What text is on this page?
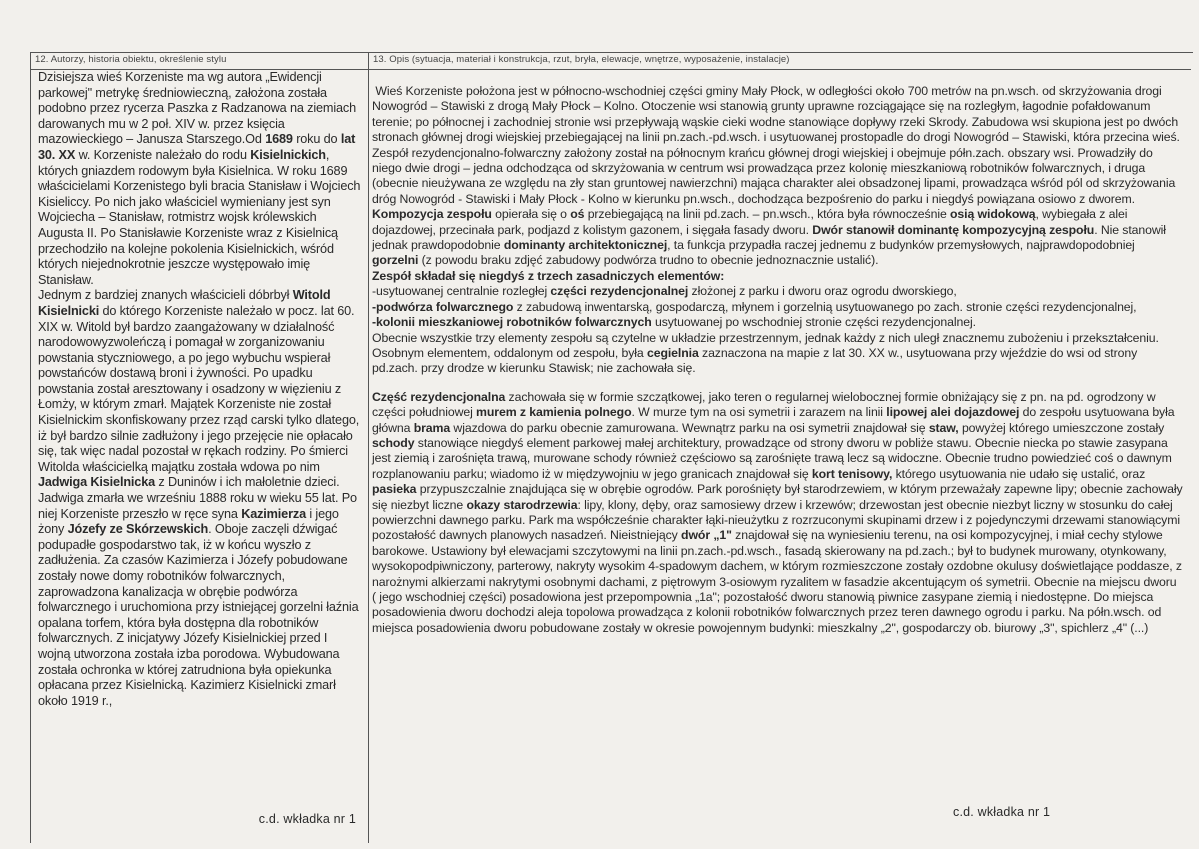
12. Autorzy, historia obiektu, określenie stylu

Dzisiejsza wieś Korzeniste ma wg autora „Ewidencji parkowej" metrykę średniowieczną, założona została podobno przez rycerza Paszka z Radzanowa na ziemiach darowanych mu w 2 poł. XIV w. przez księcia mazowieckiego – Janusza Starszego.Od 1689 roku do lat 30. XX w. Korzeniste należało do rodu Kisielnickich, których gniazdem rodowym była Kisielnica. W roku 1689 właścicielami Korzenistego byli bracia Stanisław i Wojciech Kisieliccy. Po nich jako właściciel wymieniany jest syn Wojciecha – Stanisław, rotmistrz wojsk królewskich Augusta II. Po Stanisławie Korzeniste wraz z Kisielnicą przechodziło na kolejne pokolenia Kisielnickich, wśród których niejednokrotnie jeszcze występowało imię Stanisław.

Jednym z bardziej znanych właścicieli dóbrbył Witold Kisielnicki do którego Korzeniste należało w pocz. lat 60. XIX w. Witold był bardzo zaangażowany w działalność narodowowyzwoleńczą i pomagał w zorganizowaniu powstania styczniowego, a po jego wybuchu wspierał powstańców dostawą broni i żywności. Po upadku powstania został aresztowany i osadzony w więzieniu z Łomży, w którym zmarł. Majątek Korzeniste nie został Kisielnickim skonfiskowany przez rząd carski tylko dlatego, iż był bardzo silnie zadłużony i jego przejęcie nie opłacało się, tak więc nadal pozostał w rękach rodziny. Po śmierci Witolda właścicielką majątku została wdowa po nim Jadwiga Kisielnicka z Duninów i ich małoletnie dzieci. Jadwiga zmarła we wrześniu 1888 roku w wieku 55 lat. Po niej Korzeniste przeszło w ręce syna Kazimierza i jego żony Józefy ze Skórzewskich. Oboje zaczęli dźwigać podupadłe gospodarstwo tak, iż w końcu wyszło z zadłużenia. Za czasów Kazimierza i Józefy pobudowane zostały nowe domy robotników folwarcznych, zaprowadzona kanalizacja w obrębie podwórza folwarcznego i uruchomiona przy istniejącej gorzelni łaźnia opalana torfem, która była dostępna dla robotników folwarcznych. Z inicjatywy Józefy Kisielnickiej przed I wojną utworzona została izba porodowa. Wybudowana została ochronka w której zatrudniona była opiekunka opłacana przez Kisielnicką. Kazimierz Kisielnicki zmarł około 1919 r.,

c.d. wkładka nr 1
13. Opis (sytuacja, materiał i konstrukcja, rzut, bryła, elewacje, wnętrze, wyposażenie, instalacje)

Wieś Korzeniste położona jest w północno-wschodniej części gminy Mały Płock, w odległości około 700 metrów na pn.wsch. od skrzyżowania drogi Nowogród – Stawiski z drogą Mały Płock – Kolno. Otoczenie wsi stanowią grunty uprawne rozciągające się na rozległym, łagodnie pofałdowanum terenie; po północnej i zachodniej stronie wsi przepływają wąskie cieki wodne stanowiące dopływy rzeki Skrody. Zabudowa wsi skupiona jest po dwóch stronach głównej drogi wiejskiej przebiegającej na linii pn.zach.-pd.wsch. i usytuowanej prostopadle do drogi Nowogród – Stawiski, która przecina wieś.

Zespół rezydencjonalno-folwarczny założony został na północnym krańcu głównej drogi wiejskiej i obejmuje półn.zach. obszary wsi. Prowadziły do niego dwie drogi – jedna odchodząca od skrzyżowania w centrum wsi prowadząca przez kolonię mieszkaniową robotników folwarcznych, i druga (obecnie nieużywana ze względu na zły stan gruntowej nawierzchni) mająca charakter alei obsadzonej lipami, prowadząca wśród pól od skrzyżowania dróg Nowogród - Stawiski i Mały Płock - Kolno w kierunku pn.wsch., dochodząca bezpośrenio do parku i niegdyś powiązana osiowo z dworem.

Kompozycja zespołu opierała się o oś przebiegającą na linii pd.zach. – pn.wsch., która była równocześnie osią widokową, wybiegała z alei dojazdowej, przecinała park, podjazd z kolistym gazonem, i sięgała fasady dworu. Dwór stanowił dominantę kompozycyjną zespołu. Nie stanowił jednak prawdopodobnie dominanty architektonicznej, ta funkcja przypadła raczej jednemu z budynków przemysłowych, najprawdopodobniej gorzelni (z powodu braku zdjęć zabudowy podwórza trudno to obecnie jednoznacznie ustalić).

Zespół składał się niegdyś z trzech zasadniczych elementów:

-usytuowanej centralnie rozległej części rezydencjonalnej złożonej z parku i dworu oraz ogrodu dworskiego,

-podwórza folwarcznego z zabudową inwentarską, gospodarczą, młynem i gorzelnią usytuowanego po zach. stronie części rezydencjonalnej,

-kolonii mieszkaniowej robotników folwarcznych usytuowanej po wschodniej stronie części rezydencjonalnej.

Obecnie wszystkie trzy elementy zespołu są czytelne w układzie przestrzennym, jednak każdy z nich uległ znacznemu zubożeniu i przekształceniu. Osobnym elementem, oddalonym od zespołu, była cegielnia zaznaczona na mapie z lat 30. XX w., usytuowana przy wjeździe do wsi od strony pd.zach. przy drodze w kierunku Stawisk; nie zachowała się.

Część rezydencjonalna zachowała się w formie szczątkowej, jako teren o regularnej wielobocznej formie obniżający się z pn. na pd. ogrodzony w części południowej murem z kamienia polnego. W murze tym na osi symetrii i zarazem na linii lipowej alei dojazdowej do zespołu usytuowana była główna brama wjazdowa do parku obecnie zamurowana. Wewnątrz parku na osi symetrii znajdował się staw, powyżej którego umieszczone zostały schody stanowiące niegdyś element parkowej małej architektury, prowadzące od strony dworu w pobliże stawu. Obecnie niecka po stawie zasypana jest ziemią i zarośnięta trawą, murowane schody również częściowo są zarośnięte trawą lecz są widoczne. Obecnie trudno powiedzieć coś o dawnym rozplanowaniu parku; wiadomo iż w międzywojniu w jego granicach znajdował się kort tenisowy, którego usytuowania nie udało się ustalić, oraz pasieka przypuszczalnie znajdująca się w obrębie ogrodów. Park porośnięty był starodrzewiem, w którym przeważały zapewne lipy; obecnie zachowały się niezbyt liczne okazy starodrzewia: lipy, klony, dęby, oraz samosiewy drzew i krzewów; drzewostan jest obecnie niezbyt liczny w stosunku do całej powierzchni dawnego parku. Park ma współcześnie charakter łąki-nieużytku z rozrzuconymi skupinami drzew i z pojedynczymi drzewami stanowiącymi pozostałość dawnych planowych nasadzeń. Nieistniejący dwór „1" znajdował się na wyniesieniu terenu, na osi kompozycyjnej, i miał cechy stylowe barokowe. Ustawiony był elewacjami szczytowymi na linii pn.zach.-pd.wsch., fasadą skierowany na pd.zach.; był to budynek murowany, otynkowany, wysokopodpiwniczony, parterowy, nakryty wysokim 4-spadowym dachem, w którym rozmieszczone zostały ozdobne okulusy doświetlające poddasze, z narożnymi alkierzami nakrytymi osobnymi dachami, z piętrowym 3-osiowym ryzalitem w fasadzie akcentującym oś symetrii. Obecnie na miejscu dworu ( jego wschodniej części) posadowiona jest przepompownia „1a"; pozostałość dworu stanowią piwnice zasypane ziemią i niedostępne. Do miejsca posadowienia dworu dochodzi aleja topolowa prowadząca z kolonii robotników folwarcznych przez teren dawnego ogrodu i parku. Na półn.wsch. od miejsca posadowienia dworu pobudowane zostały w okresie powojennym budynki: mieszkalny „2", gospodarczy ob. biurowy „3", spichlerz „4" (...)

c.d. wkładka nr 1
